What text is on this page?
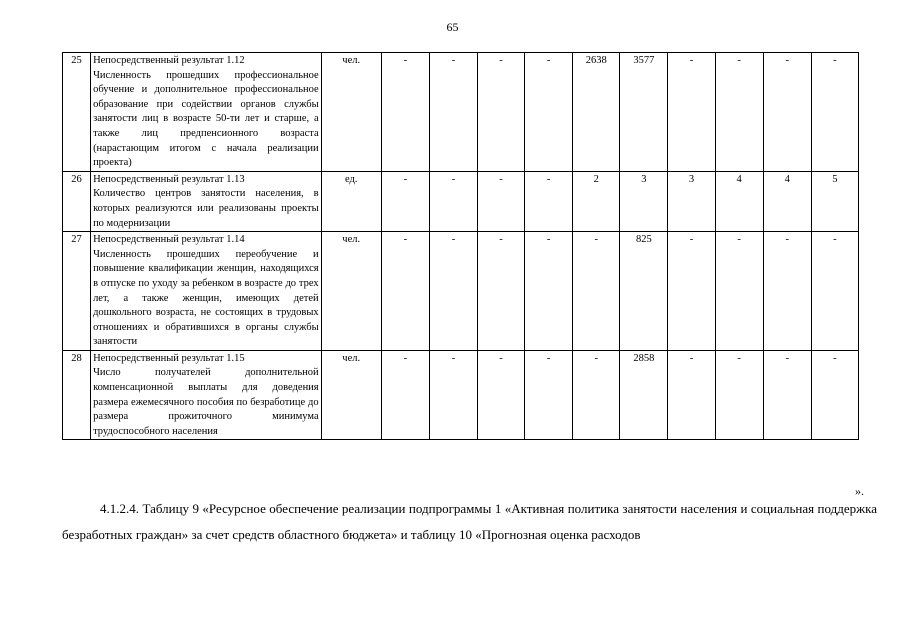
65
25	Непосредственный результат 1.12
Численность прошедших профессиональное обучение и дополнительное профессиональное образование при содействии органов службы занятости лиц в возрасте 50-ти лет и старше, а также лиц предпенсионного возраста (нарастающим итогом с начала реализации проекта)	чел.	-	-	-	-	2638	3577	-	-	-	-
26	Непосредственный результат 1.13
Количество центров занятости населения, в которых реализуются или реализованы проекты по модернизации	ед.	-	-	-	-	2	3	3	4	4	5
27	Непосредственный результат 1.14
Численность прошедших переобучение и повышение квалификации женщин, находящихся в отпуске по уходу за ребенком в возрасте до трех лет, а также женщин, имеющих детей дошкольного возраста, не состоящих в трудовых отношениях и обратившихся в органы службы занятости	чел.	-	-	-	-	-	825	-	-	-	-
28	Непосредственный результат 1.15
Число получателей дополнительной компенсационной выплаты для доведения размера ежемесячного пособия по безработице до размера прожиточного минимума трудоспособного населения	чел.	-	-	-	-	-	2858	-	-	-	-
».
4.1.2.4. Таблицу 9 «Ресурсное обеспечение реализации подпрограммы 1 «Активная политика занятости населения и социальная поддержка безработных граждан» за счет средств областного бюджета» и таблицу 10 «Прогнозная оценка расходов
